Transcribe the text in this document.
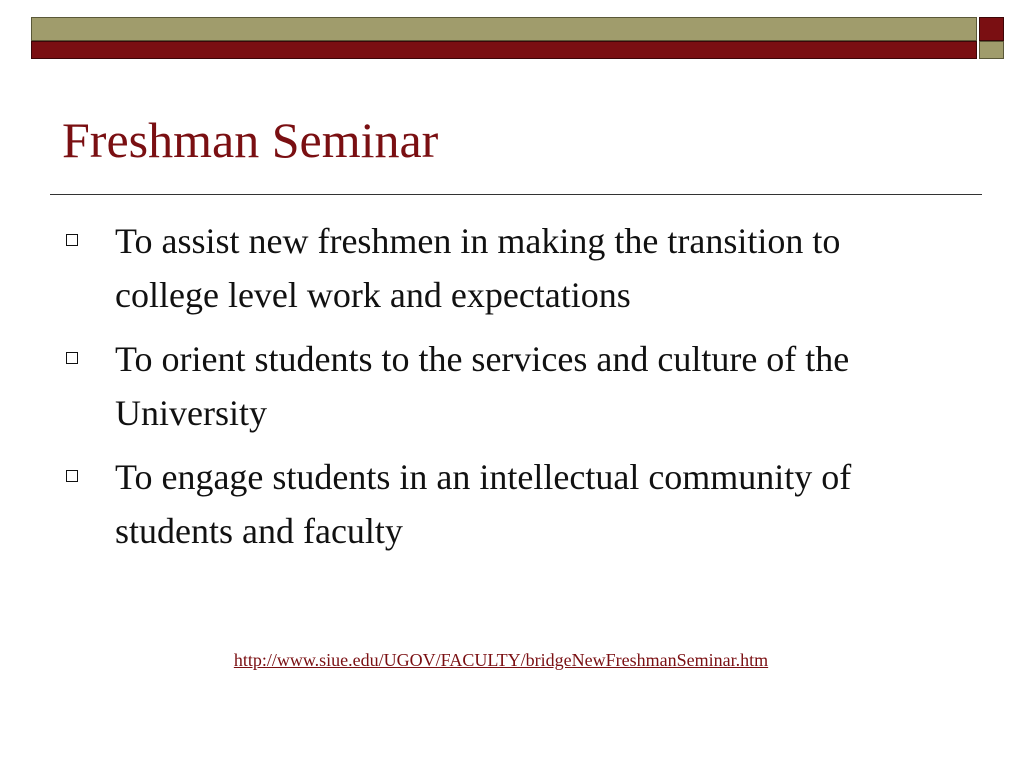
Freshman Seminar
To assist new freshmen in making the transition to college level work and expectations
To orient students to the services and culture of the University
To engage students in an intellectual community of students and faculty
http://www.siue.edu/UGOV/FACULTY/bridgeNewFreshmanSeminar.htm
